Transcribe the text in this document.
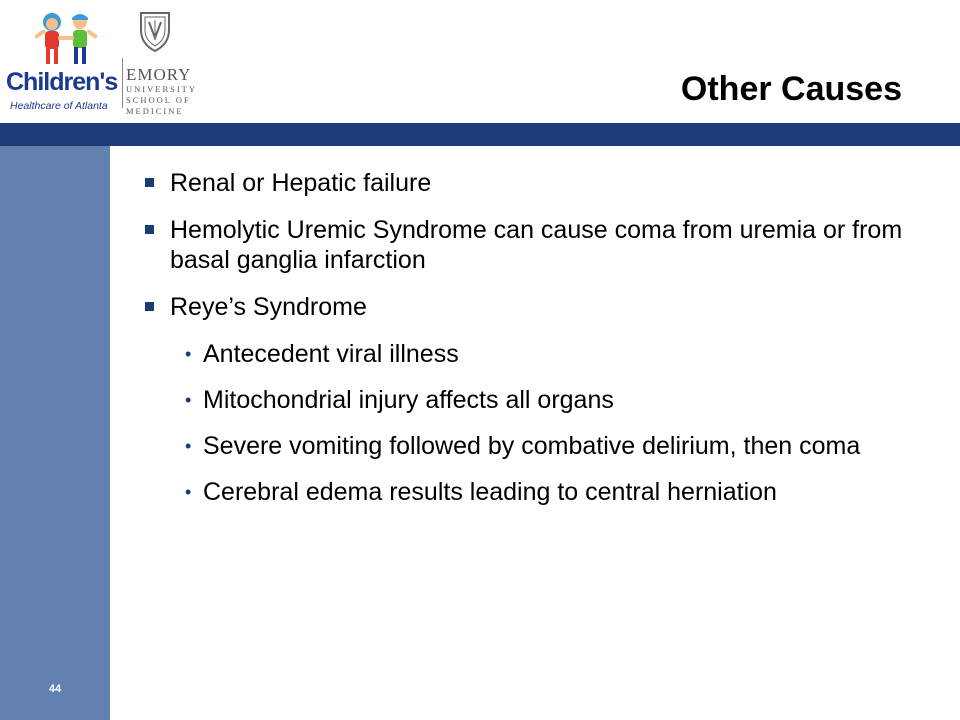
Children's
Healthcare of Atlanta
EMORY
UNIVERSITY
SCHOOL OF
MEDICINE
Other Causes
44
Renal or Hepatic failure
Hemolytic Uremic Syndrome can cause coma from uremia or from basal ganglia infarction
Reye’s Syndrome
• Antecedent viral illness
• Mitochondrial injury affects all organs
• Severe vomiting followed by combative delirium, then coma
• Cerebral edema results leading to central herniation
